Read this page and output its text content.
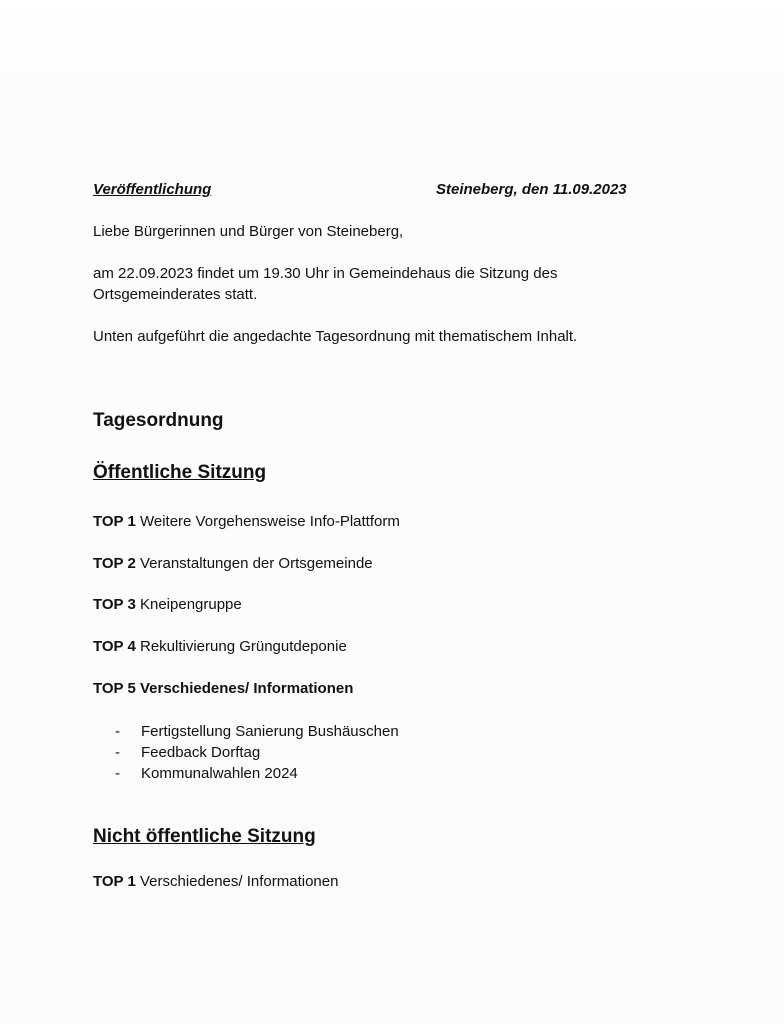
Veröffentlichung	Steineberg, den 11.09.2023
Liebe Bürgerinnen und Bürger von Steineberg,
am 22.09.2023 findet um 19.30 Uhr in Gemeindehaus die Sitzung des
Ortsgemeinderates statt.
Unten aufgeführt die angedachte Tagesordnung mit thematischem Inhalt.
Tagesordnung
Öffentliche Sitzung
TOP 1 Weitere Vorgehensweise Info-Plattform
TOP 2 Veranstaltungen der Ortsgemeinde
TOP 3 Kneipengruppe
TOP 4 Rekultivierung Grüngutdeponie
TOP 5 Verschiedenes/ Informationen
- Fertigstellung Sanierung Bushäuschen
- Feedback Dorftag
- Kommunalwahlen 2024
Nicht öffentliche Sitzung
TOP 1 Verschiedenes/ Informationen
